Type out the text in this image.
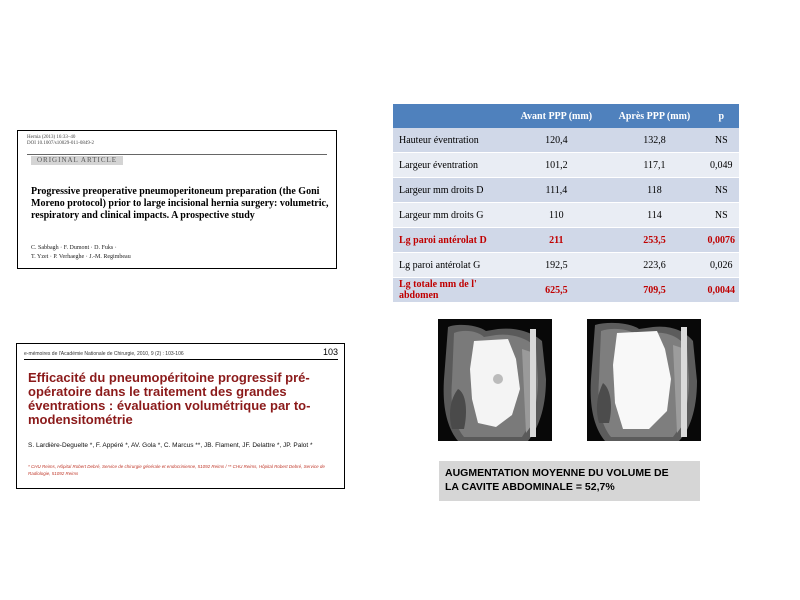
Hernia (2013) 16:33–40
DOI 10.1007/s10029-011-0849-2
ORIGINAL ARTICLE
Progressive preoperative pneumoperitoneum preparation (the Goni Moreno protocol) prior to large incisional hernia surgery: volumetric, respiratory and clinical impacts. A prospective study
C. Sabbagh · F. Dumont · D. Fuks ·
T. Yzet · P. Verhaeghe · J.-M. Regimbeau
	Avant PPP (mm)	Après PPP (mm)	p
Hauteur éventration	120,4	132,8	NS
Largeur éventration	101,2	117,1	0,049
Largeur mm droits D	111,4	118	NS
Largeur mm droits G	110	114	NS
Lg paroi antérolat D	211	253,5	0,0076
Lg paroi antérolat G	192,5	223,6	0,026
Lg totale mm de l' abdomen	625,5	709,5	0,0044
e-mémoires de l'Académie Nationale de Chirurgie, 2010, 9 (2) : 103-106	103
Efficacité du pneumopéritoine progressif pré-opératoire dans le traitement des grandes éventrations : évaluation volumétrique par to-modensitométrie
S. Lardière-Deguelte *, F. Appéré *, AV. Gola *, C. Marcus **, JB. Flament, JF. Delattre *, JP. Palot *
* CHU Reims, Hôpital Robert Debré, Service de chirurgie générale et endocrinienne, 51092 Reims / ** CHU Reims, Hôpital Robert Debré, Service de Radiologie, 51092 Reims	AUGMENTATION MOYENNE DU VOLUME DE
LA CAVITE ABDOMINALE = 52,7%
